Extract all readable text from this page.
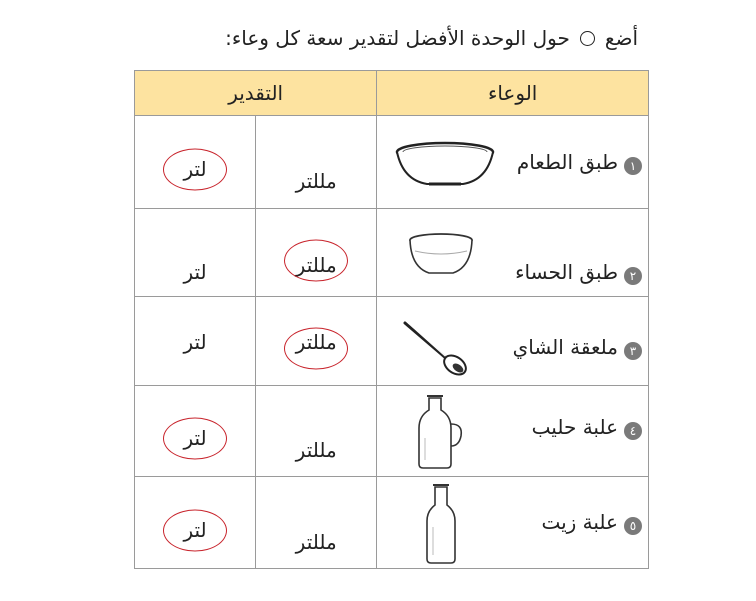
أضعحول الوحدة الأفضل لتقدير سعة كل وعاء:
الوعاء	التقدير	

١
طبق الطعام	مللتر	لتر

٢
طبق الحساء	مللتر	لتر

٣
ملعقة الشاي	مللتر	لتر

٤
علبة حليب	مللتر	لتر

٥
علبة زيت	مللتر	لتر
